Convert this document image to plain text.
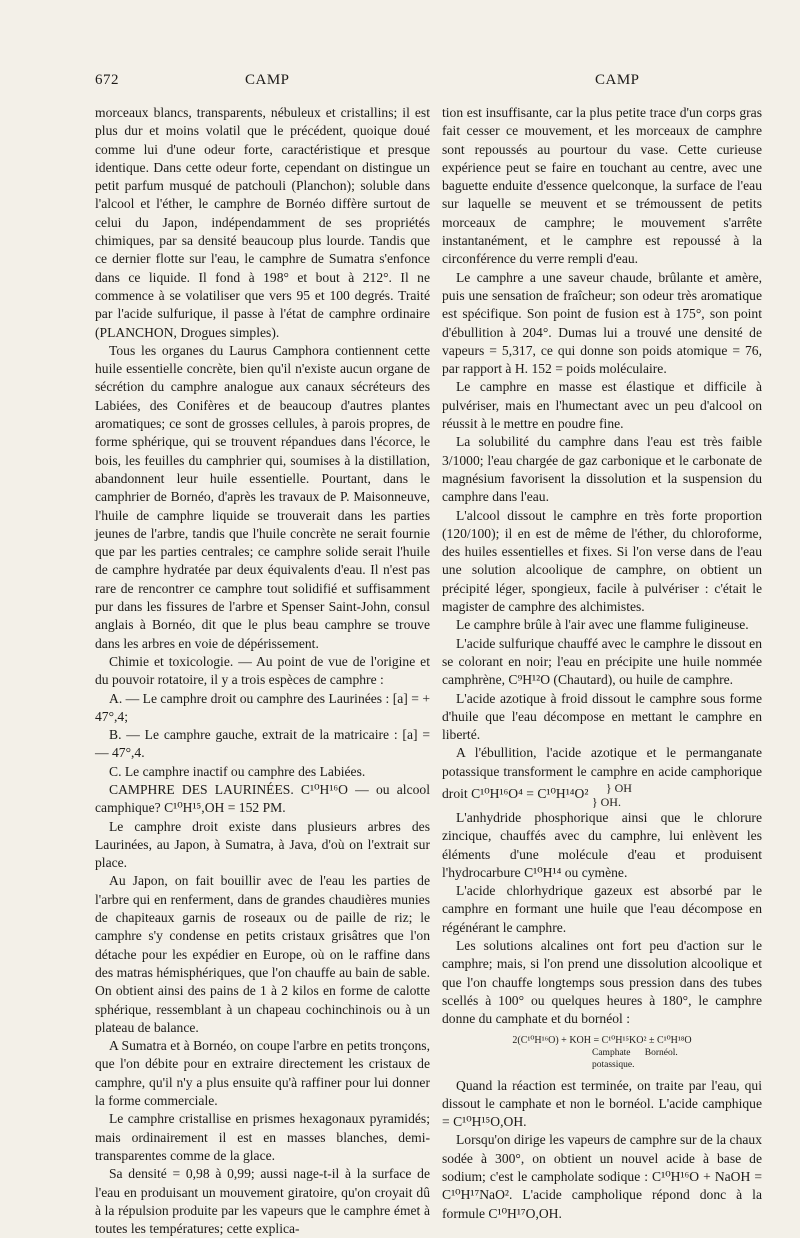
672	CAMP	CAMP

morceaux blancs, transparents, nébuleux et cristallins; il est plus dur et moins volatil que le précédent, quoique doué comme lui d'une odeur forte, caractéristique et presque identique. Dans cette odeur forte, cependant on distingue un petit parfum musqué de patchouli (Planchon); soluble dans l'alcool et l'éther, le camphre de Bornéo diffère surtout de celui du Japon, indépendamment de ses propriétés chimiques, par sa densité beaucoup plus lourde. Tandis que ce dernier flotte sur l'eau, le camphre de Sumatra s'enfonce dans ce liquide. Il fond à 198° et bout à 212°. Il ne commence à se volatiliser que vers 95 et 100 degrés. Traité par l'acide sulfurique, il passe à l'état de camphre ordinaire (PLANCHON, Drogues simples).

Tous les organes du Laurus Camphora contiennent cette huile essentielle concrète, bien qu'il n'existe aucun organe de sécrétion du camphre analogue aux canaux sécréteurs des Labiées, des Conifères et de beaucoup d'autres plantes aromatiques; ce sont de grosses cellules, à parois propres, de forme sphérique, qui se trouvent répandues dans l'écorce, le bois, les feuilles du camphrier qui, soumises à la distillation, abandonnent leur huile essentielle. Pourtant, dans le camphrier de Bornéo, d'après les travaux de P. Maisonneuve, l'huile de camphre liquide se trouverait dans les parties jeunes de l'arbre, tandis que l'huile concrète ne serait fournie que par les parties centrales; ce camphre solide serait l'huile de camphre hydratée par deux équivalents d'eau. Il n'est pas rare de rencontrer ce camphre tout solidifié et suffisamment pur dans les fissures de l'arbre et Spenser Saint-John, consul anglais à Bornéo, dit que le plus beau camphre se trouve dans les arbres en voie de dépérissement.

Chimie et toxicologie. — Au point de vue de l'origine et du pouvoir rotatoire, il y a trois espèces de camphre :

A. — Le camphre droit ou camphre des Laurinées : [a] = + 47°,4;

B. — Le camphre gauche, extrait de la matricaire : [a] = — 47°,4.

C. Le camphre inactif ou camphre des Labiées.

CAMPHRE DES LAURINÉES. C¹⁰H¹⁶O — ou alcool camphique? C¹⁰H¹⁵,OH = 152 PM.

Le camphre droit existe dans plusieurs arbres des Laurinées, au Japon, à Sumatra, à Java, d'où on l'extrait sur place.

Au Japon, on fait bouillir avec de l'eau les parties de l'arbre qui en renferment, dans de grandes chaudières munies de chapiteaux garnis de roseaux ou de paille de riz; le camphre s'y condense en petits cristaux grisâtres que l'on détache pour les expédier en Europe, où on le raffine dans des matras hémisphériques, que l'on chauffe au bain de sable. On obtient ainsi des pains de 1 à 2 kilos en forme de calotte sphérique, ressemblant à un chapeau cochinchinois ou à un plateau de balance.

A Sumatra et à Bornéo, on coupe l'arbre en petits tronçons, que l'on débite pour en extraire directement les cristaux de camphre, qu'il n'y a plus ensuite qu'à raffiner pour lui donner la forme commerciale.

Le camphre cristallise en prismes hexagonaux pyramidés; mais ordinairement il est en masses blanches, demi-transparentes comme de la glace.

Sa densité = 0,98 à 0,99; aussi nage-t-il à la surface de l'eau en produisant un mouvement giratoire, qu'on croyait dû à la répulsion produite par les vapeurs que le camphre émet à toutes les températures; cette explica-

tion est insuffisante, car la plus petite trace d'un corps gras fait cesser ce mouvement, et les morceaux de camphre sont repoussés au pourtour du vase. Cette curieuse expérience peut se faire en touchant au centre, avec une baguette enduite d'essence quelconque, la surface de l'eau sur laquelle se meuvent et se trémoussent de petits morceaux de camphre; le mouvement s'arrête instantanément, et le camphre est repoussé à la circonférence du verre rempli d'eau.

Le camphre a une saveur chaude, brûlante et amère, puis une sensation de fraîcheur; son odeur très aromatique est spécifique. Son point de fusion est à 175°, son point d'ébullition à 204°. Dumas lui a trouvé une densité de vapeurs = 5,317, ce qui donne son poids atomique = 76, par rapport à H. 152 = poids moléculaire.

Le camphre en masse est élastique et difficile à pulvériser, mais en l'humectant avec un peu d'alcool on réussit à le mettre en poudre fine.

La solubilité du camphre dans l'eau est très faible 3/1000; l'eau chargée de gaz carbonique et le carbonate de magnésium favorisent la dissolution et la suspension du camphre dans l'eau.

L'alcool dissout le camphre en très forte proportion (120/100); il en est de même de l'éther, du chloroforme, des huiles essentielles et fixes. Si l'on verse dans de l'eau une solution alcoolique de camphre, on obtient un précipité léger, spongieux, facile à pulvériser : c'était le magister de camphre des alchimistes.

Le camphre brûle à l'air avec une flamme fuligineuse.

L'acide sulfurique chauffé avec le camphre le dissout en se colorant en noir; l'eau en précipite une huile nommée camphrène, C⁹H¹²O (Chautard), ou huile de camphre.

L'acide azotique à froid dissout le camphre sous forme d'huile que l'eau décompose en mettant le camphre en liberté.

A l'ébullition, l'acide azotique et le permanganate potassique transforment le camphre en acide camphorique droit C¹⁰H¹⁶O⁴ = C¹⁰H¹⁴O² } OH
} OH.

L'anhydride phosphorique ainsi que le chlorure zincique, chauffés avec du camphre, lui enlèvent les éléments d'une molécule d'eau et produisent l'hydrocarbure C¹⁰H¹⁴ ou cymène.

L'acide chlorhydrique gazeux est absorbé par le camphre en formant une huile que l'eau décompose en régénérant le camphre.

Les solutions alcalines ont fort peu d'action sur le camphre; mais, si l'on prend une dissolution alcoolique et que l'on chauffe longtemps sous pression dans des tubes scellés à 100° ou quelques heures à 180°, le camphre donne du camphate et du bornéol :

2(C¹⁰H¹⁶O) + KOH = C¹⁰H¹⁵KO² ± C¹⁰H¹⁸O
Camphate Bornéol.
potassique.

Quand la réaction est terminée, on traite par l'eau, qui dissout le camphate et non le bornéol. L'acide camphique = C¹⁰H¹⁵O,OH.

Lorsqu'on dirige les vapeurs de camphre sur de la chaux sodée à 300°, on obtient un nouvel acide à base de sodium; c'est le campholate sodique : C¹⁰H¹⁶O + NaOH = C¹⁰H¹⁷NaO². L'acide campholique répond donc à la formule C¹⁰H¹⁷O,OH.
